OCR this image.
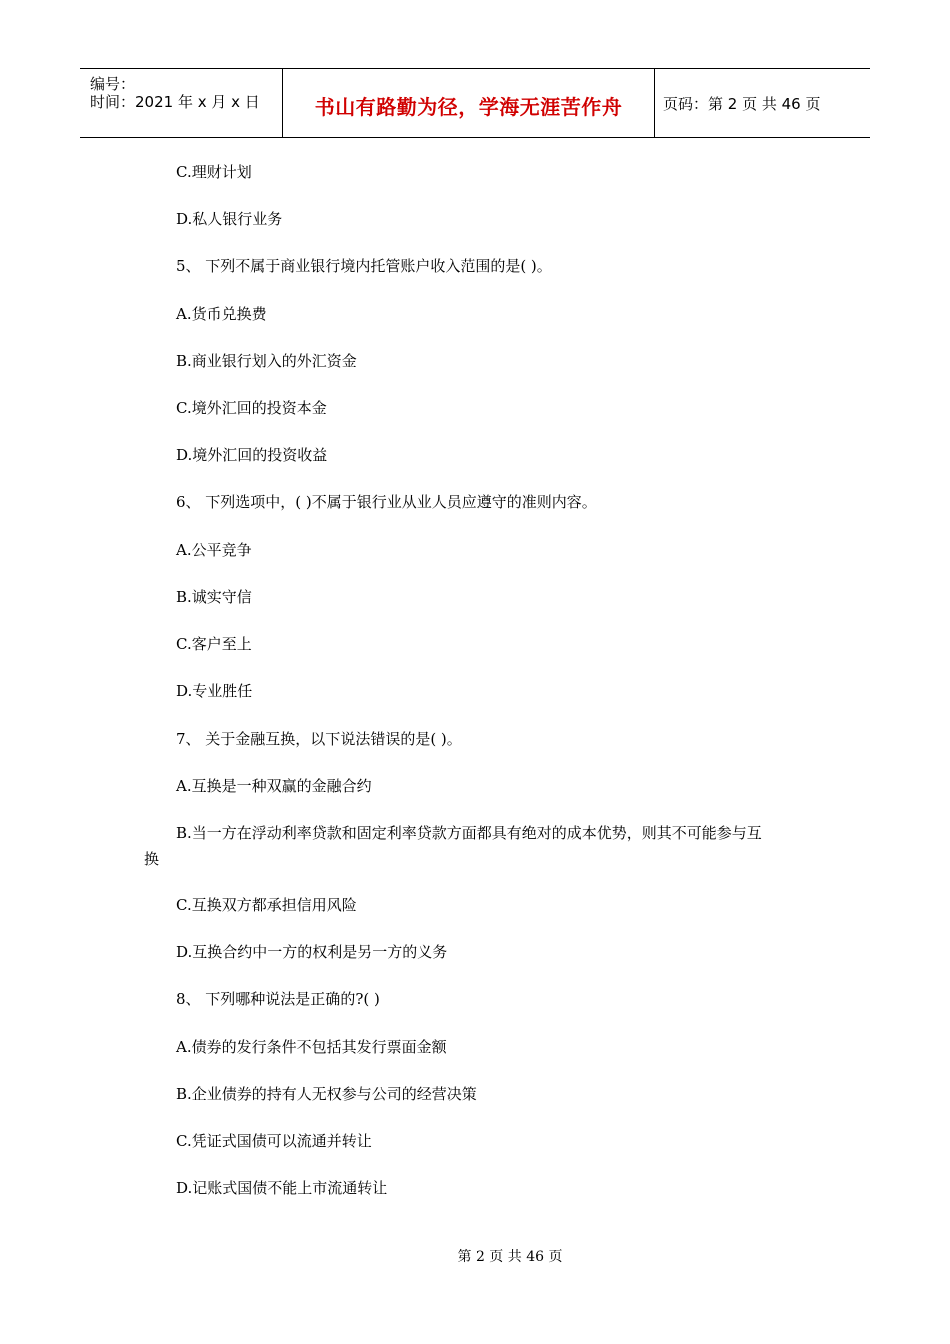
编号：
时间：2021 年 x 月 x 日	书山有路勤为径，学海无涯苦作舟	页码：第 2 页 共 46 页
C.理财计划
D.私人银行业务
5、 下列不属于商业银行境内托管账户收入范围的是( )。
A.货币兑换费
B.商业银行划入的外汇资金
C.境外汇回的投资本金
D.境外汇回的投资收益
6、 下列选项中，( )不属于银行业从业人员应遵守的准则内容。
A.公平竞争
B.诚实守信
C.客户至上
D.专业胜任
7、 关于金融互换，以下说法错误的是( )。
A.互换是一种双赢的金融合约
B.当一方在浮动利率贷款和固定利率贷款方面都具有绝对的成本优势，则其不可能参与互
换
C.互换双方都承担信用风险
D.互换合约中一方的权利是另一方的义务
8、 下列哪种说法是正确的?( )
A.债券的发行条件不包括其发行票面金额
B.企业债券的持有人无权参与公司的经营决策
C.凭证式国债可以流通并转让
D.记账式国债不能上市流通转让
第 2 页 共 46 页
